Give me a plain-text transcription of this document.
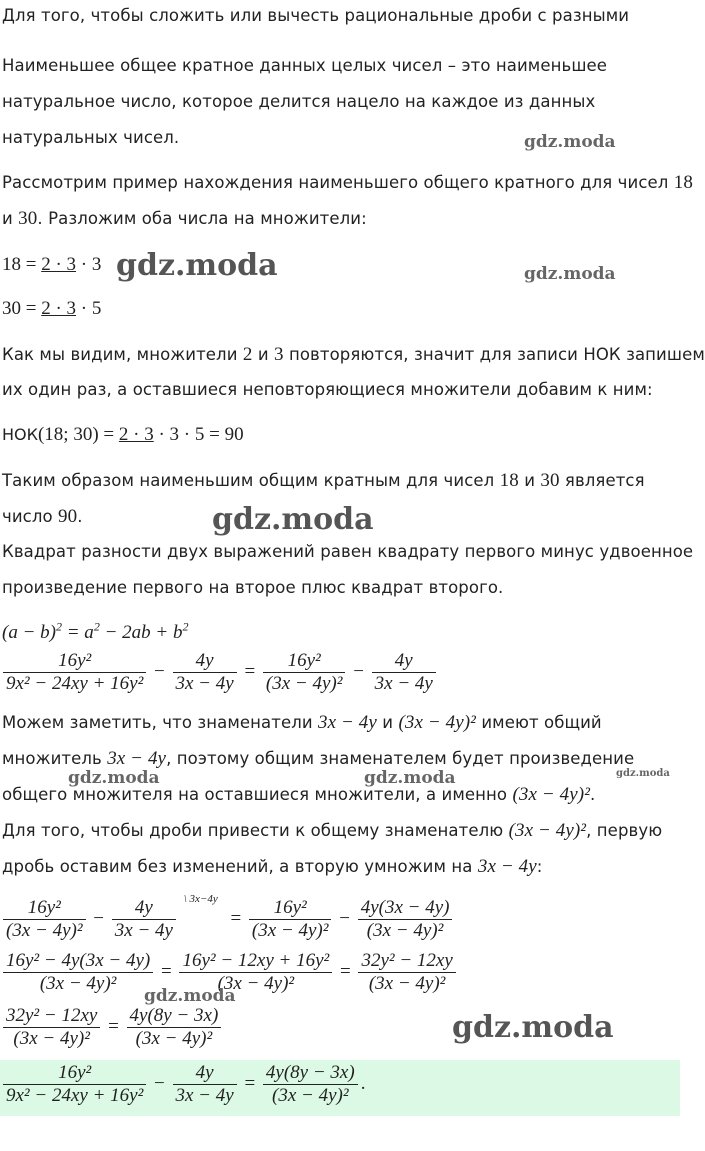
Для того, чтобы сложить или вычесть рациональные дроби с разными
Наименьшее общее кратное данных целых чисел – это наименьшее
натуральное число, которое делится нацело на каждое из данных
натуральных чисел.
Рассмотрим пример нахождения наименьшего общего кратного для чисел 18
и 30. Разложим оба числа на множители:
18 = 2 · 3 · 3
30 = 2 · 3 · 5
Как мы видим, множители 2 и 3 повторяются, значит для записи НОК запишем
их один раз, а оставшиеся неповторяющиеся множители добавим к ним:
НОК(18; 30) = 2 · 3 · 3 · 5 = 90
Таким образом наименьшим общим кратным для чисел 18 и 30 является
число 90.
Квадрат разности двух выражений равен квадрату первого минус удвоенное
произведение первого на второе плюс квадрат второго.
$(a - b)^2 = a^2 - 2ab + b^2$
$\frac{\text{16y²}}{\text{9x² − 24xy + 16y²}} - \frac{4y}{3x - 4y} = \frac{\text{16y²}}{\text{(3x − 4y)²}} - \frac{4y}{3x - 4y}$
Можем заметить, что знаменатели 3x − 4y и (3x − 4y)² имеют общий
множитель 3x − 4y, поэтому общим знаменателем будет произведение
общего множителя на оставшиеся множители, а именно (3x − 4y)².
Для того, чтобы дроби привести к общему знаменателю (3x − 4y)², первую
дробь оставим без изменений, а вторую умножим на 3x − 4y:
$\frac{\text{16y²}}{\text{(3x − 4y)²}} - \frac{4y}{3x - 4y} ^{\backslash 3x-4y} = \frac{\text{16y²}}{\text{(3x − 4y)²}} - \frac{4y(3x - 4y)}{\text{(3x − 4y)²}}$
$\frac{\text{16y² − 4y(3x − 4y)}}{\text{(3x − 4y)²}} = \frac{\text{16y² − 12xy + 16y²}}{\text{(3x − 4y)²}} = \frac{\text{32y² − 12xy}}{\text{(3x − 4y)²}}$
$\frac{\text{32y² − 12xy}}{\text{(3x − 4y)²}} = \frac{4y(8y - 3x)}{\text{(3x − 4y)²}}$
$\frac{\text{16y²}}{\text{9x² − 24xy + 16y²}} - \frac{4y}{3x - 4y} = \frac{4y(8y - 3x)}{\text{(3x − 4y)²}}$ .
gdz.moda
gdz.moda	gdz.moda
gdz.moda
gdz.moda	gdz.moda	gdz.moda
gdz.moda
gdz.moda
